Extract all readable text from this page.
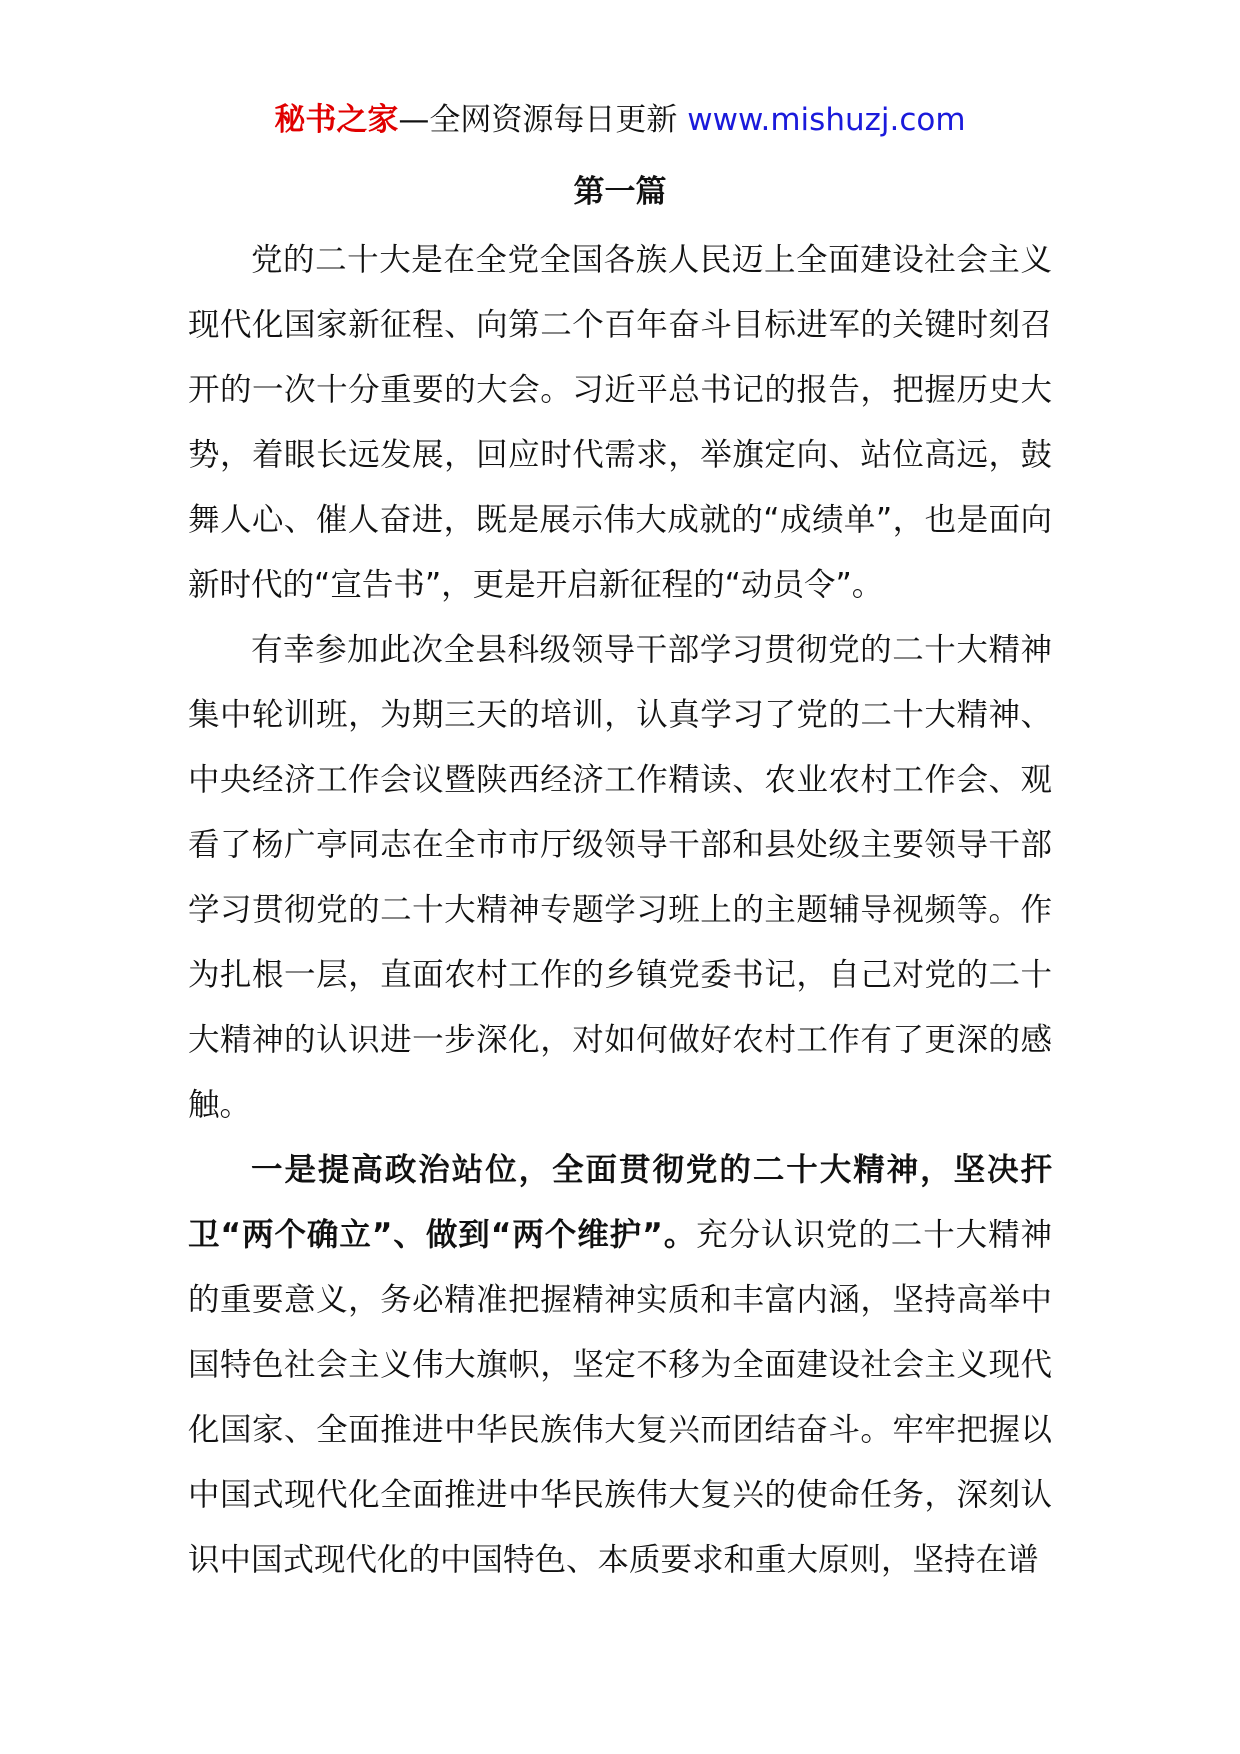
秘书之家—全网资源每日更新 www.mishuzj.com
第一篇

党的二十大是在全党全国各族人民迈上全面建设社会主义现代化国家新征程、向第二个百年奋斗目标进军的关键时刻召开的一次十分重要的大会。习近平总书记的报告，把握历史大势，着眼长远发展，回应时代需求，举旗定向、站位高远，鼓舞人心、催人奋进，既是展示伟大成就的“成绩单”，也是面向新时代的“宣告书”，更是开启新征程的“动员令”。

有幸参加此次全县科级领导干部学习贯彻党的二十大精神集中轮训班，为期三天的培训，认真学习了党的二十大精神、中央经济工作会议暨陕西经济工作精读、农业农村工作会、观看了杨广亭同志在全市市厅级领导干部和县处级主要领导干部学习贯彻党的二十大精神专题学习班上的主题辅导视频等。作为扎根一层，直面农村工作的乡镇党委书记，自己对党的二十大精神的认识进一步深化，对如何做好农村工作有了更深的感触。

一是提高政治站位，全面贯彻党的二十大精神，坚决扞卫“两个确立”、做到“两个维护”。充分认识党的二十大精神的重要意义，务必精准把握精神实质和丰富内涵，坚持高举中国特色社会主义伟大旗帜，坚定不移为全面建设社会主义现代化国家、全面推进中华民族伟大复兴而团结奋斗。牢牢把握以中国式现代化全面推进中华民族伟大复兴的使命任务，深刻认识中国式现代化的中国特色、本质要求和重大原则，坚持在谱
